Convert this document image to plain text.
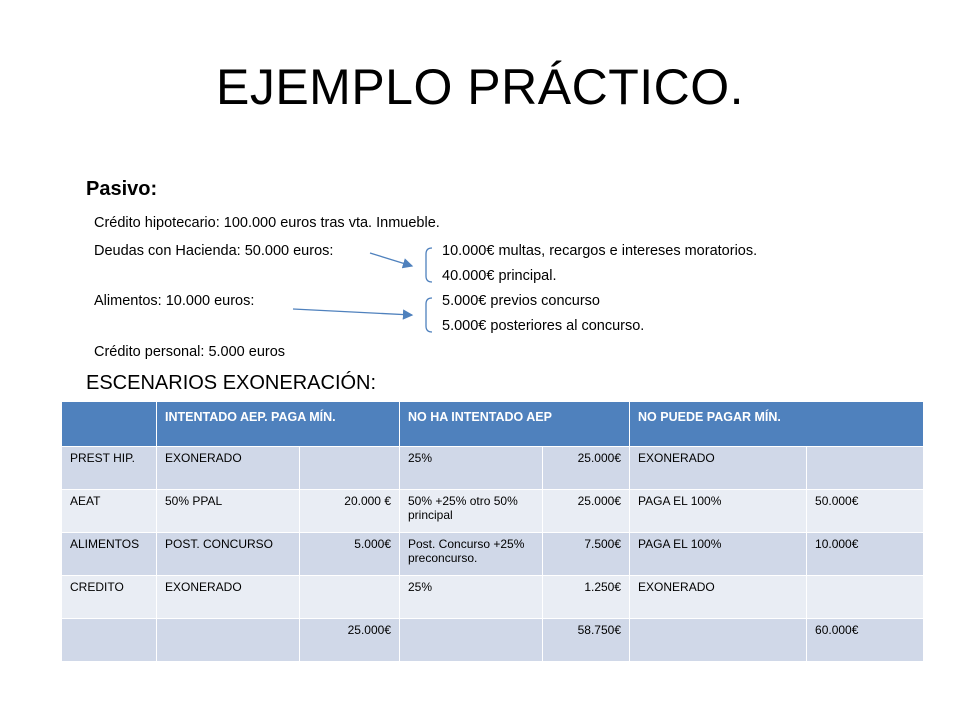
EJEMPLO PRÁCTICO.
Pasivo:
Crédito hipotecario: 100.000 euros tras vta. Inmueble.
Deudas con Hacienda: 50.000 euros:	10.000€ multas, recargos e intereses moratorios.
40.000€ principal.
Alimentos: 10.000 euros:	5.000€ previos concurso
5.000€ posteriores al concurso.
Crédito personal: 5.000 euros
ESCENARIOS EXONERACIÓN:
	INTENTADO AEP. PAGA MÍN.		NO HA INTENTADO AEP		NO PUEDE PAGAR MÍN.	
PREST HIP.	EXONERADO		25%	25.000€	EXONERADO	
AEAT	50% PPAL	20.000 €	50% +25% otro 50% principal	25.000€	PAGA EL 100%	50.000€
ALIMENTOS	POST. CONCURSO	5.000€	Post. Concurso +25% preconcurso.	7.500€	PAGA EL 100%	10.000€
CREDITO	EXONERADO		25%	1.250€	EXONERADO	
		25.000€		58.750€		60.000€
